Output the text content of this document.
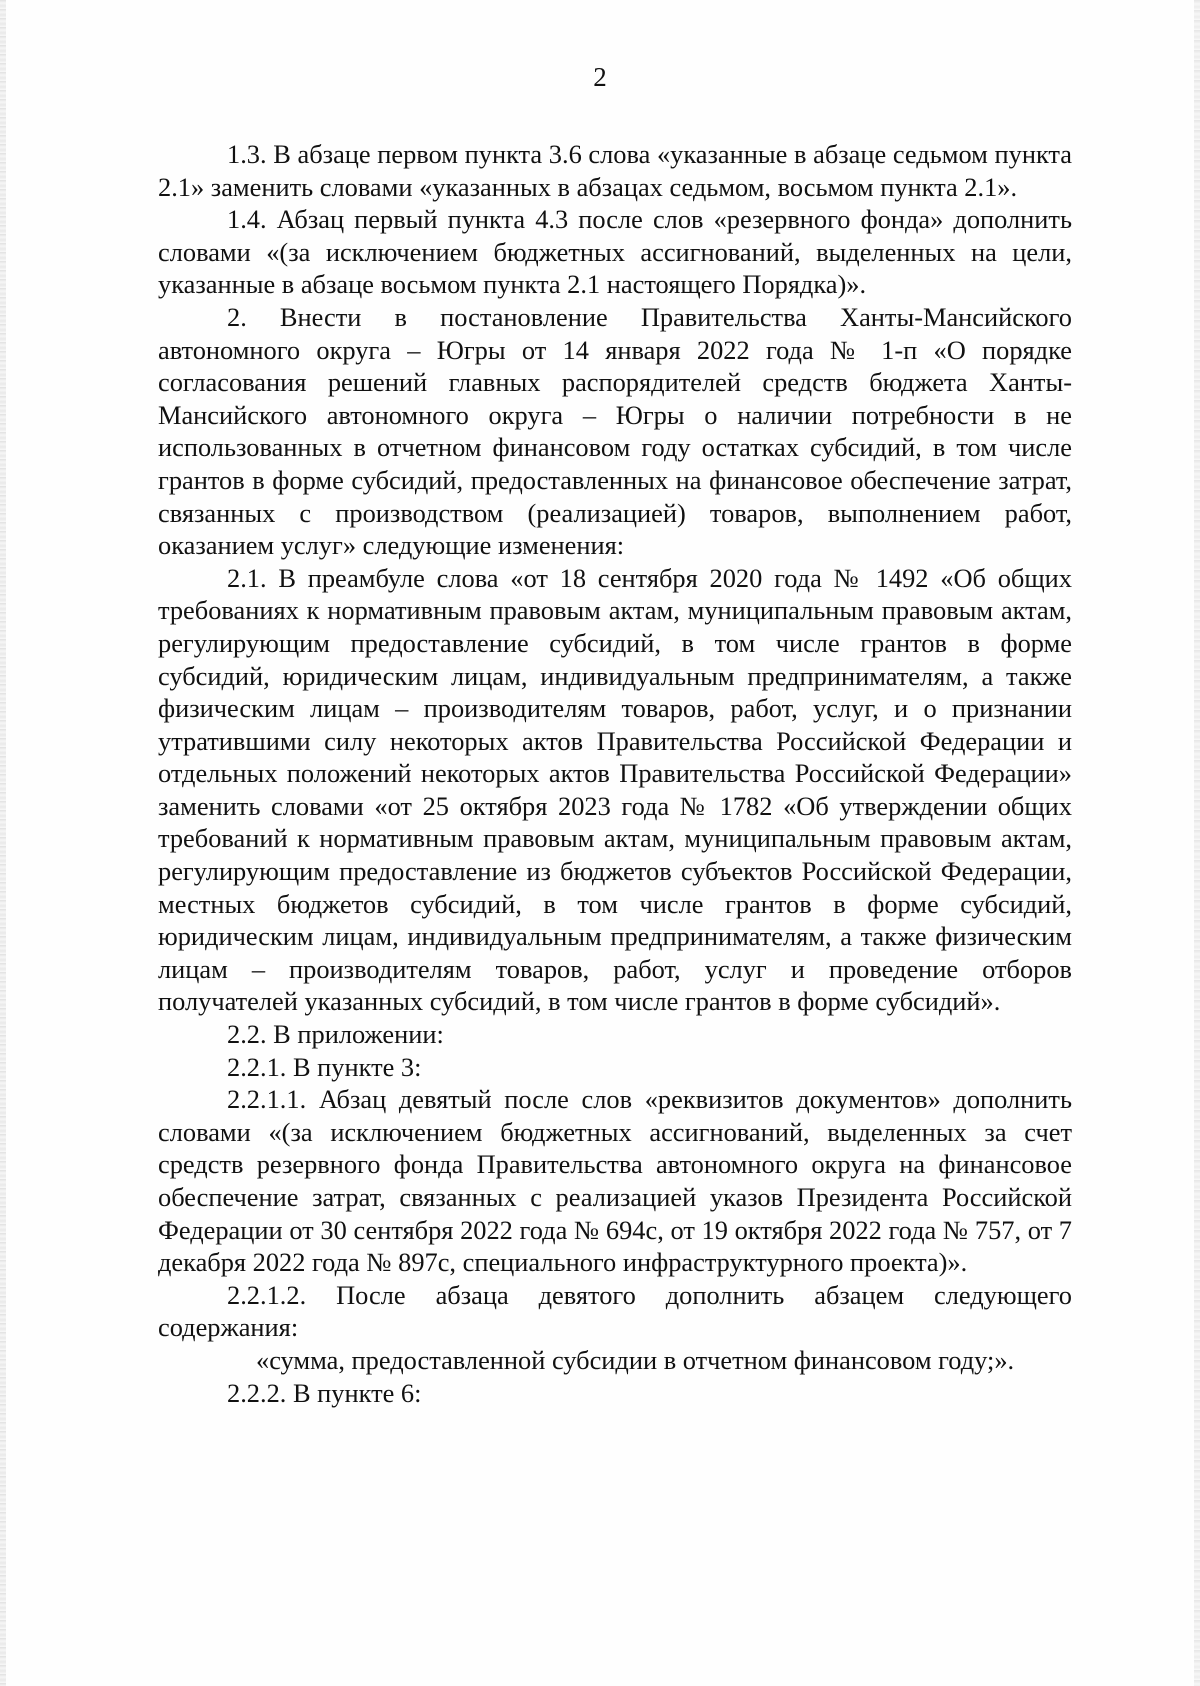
2

1.3. В абзаце первом пункта 3.6 слова «указанные в абзаце седьмом пункта 2.1» заменить словами «указанных в абзацах седьмом, восьмом пункта 2.1».

1.4. Абзац первый пункта 4.3 после слов «резервного фонда» дополнить словами «(за исключением бюджетных ассигнований, выделенных на цели, указанные в абзаце восьмом пункта 2.1 настоящего Порядка)».

2. Внести в постановление Правительства Ханты-Мансийского автономного округа – Югры от 14 января 2022 года № 1-п «О порядке согласования решений главных распорядителей средств бюджета Ханты-Мансийского автономного округа – Югры о наличии потребности в не использованных в отчетном финансовом году остатках субсидий, в том числе грантов в форме субсидий, предоставленных на финансовое обеспечение затрат, связанных с производством (реализацией) товаров, выполнением работ, оказанием услуг» следующие изменения:

2.1. В преамбуле слова «от 18 сентября 2020 года № 1492 «Об общих требованиях к нормативным правовым актам, муниципальным правовым актам, регулирующим предоставление субсидий, в том числе грантов в форме субсидий, юридическим лицам, индивидуальным предпринимателям, а также физическим лицам – производителям товаров, работ, услуг, и о признании утратившими силу некоторых актов Правительства Российской Федерации и отдельных положений некоторых актов Правительства Российской Федерации» заменить словами «от 25 октября 2023 года № 1782 «Об утверждении общих требований к нормативным правовым актам, муниципальным правовым актам, регулирующим предоставление из бюджетов субъектов Российской Федерации, местных бюджетов субсидий, в том числе грантов в форме субсидий, юридическим лицам, индивидуальным предпринимателям, а также физическим лицам – производителям товаров, работ, услуг и проведение отборов получателей указанных субсидий, в том числе грантов в форме субсидий».

2.2. В приложении:

2.2.1. В пункте 3:

2.2.1.1. Абзац девятый после слов «реквизитов документов» дополнить словами «(за исключением бюджетных ассигнований, выделенных за счет средств резервного фонда Правительства автономного округа на финансовое обеспечение затрат, связанных с реализацией указов Президента Российской Федерации от 30 сентября 2022 года № 694с, от 19 октября 2022 года № 757, от 7 декабря 2022 года № 897с, специального инфраструктурного проекта)».

2.2.1.2. После абзаца девятого дополнить абзацем следующего содержания:

«сумма, предоставленной субсидии в отчетном финансовом году;».

2.2.2. В пункте 6:
